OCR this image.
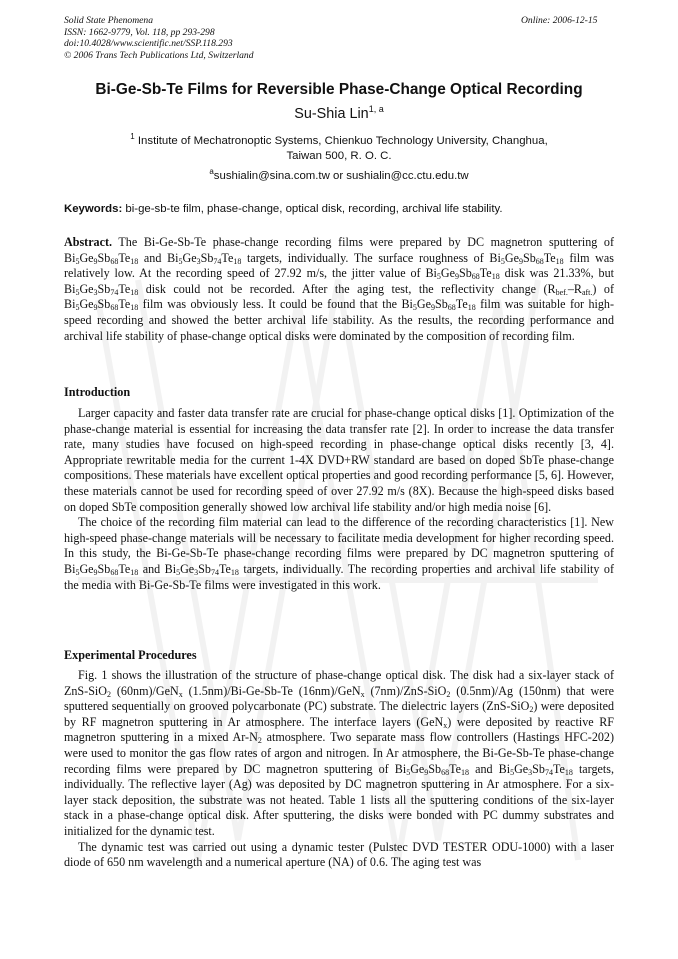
Solid State Phenomena
ISSN: 1662-9779, Vol. 118, pp 293-298
doi:10.4028/www.scientific.net/SSP.118.293
© 2006 Trans Tech Publications Ltd, Switzerland
Online: 2006-12-15
Bi-Ge-Sb-Te Films for Reversible Phase-Change Optical Recording
Su-Shia Lin$^{1, a}$
$^1$ Institute of Mechatronoptic Systems, Chienkuo Technology University, Changhua,
Taiwan 500, R. O. C.
$^a$sushialin@sina.com.tw or sushialin@cc.ctu.edu.tw
Keywords: bi-ge-sb-te film, phase-change, optical disk, recording, archival life stability.

Abstract. The Bi-Ge-Sb-Te phase-change recording films were prepared by DC magnetron sputtering of $Bi_5Ge_9Sb_{68}Te_{18}$ and $Bi_5Ge_3Sb_{74}Te_{18}$ targets, individually. The surface roughness of $Bi_5Ge_9Sb_{68}Te_{18}$ film was relatively low. At the recording speed of 27.92 m/s, the jitter value of $Bi_5Ge_9Sb_{68}Te_{18}$ disk was 21.33%, but $Bi_5Ge_3Sb_{74}Te_{18}$ disk could not be recorded. After the aging test, the reflectivity change $(R_{bef.}-R_{aft.})$ of $Bi_5Ge_9Sb_{68}Te_{18}$ film was obviously less. It could be found that the $Bi_5Ge_9Sb_{68}Te_{18}$ film was suitable for high-speed recording and showed the better archival life stability. As the results, the recording performance and archival life stability of phase-change optical disks were dominated by the composition of recording film.

Introduction

Larger capacity and faster data transfer rate are crucial for phase-change optical disks [1]. Optimization of the phase-change material is essential for increasing the data transfer rate [2]. In order to increase the data transfer rate, many studies have focused on high-speed recording in phase-change optical disks recently [3, 4]. Appropriate rewritable media for the current 1-4X DVD+RW standard are based on doped SbTe phase-change compositions. These materials have excellent optical properties and good recording performance [5, 6]. However, these materials cannot be used for recording speed of over 27.92 m/s (8X). Because the high-speed disks based on doped SbTe composition generally showed low archival life stability and/or high media noise [6].

The choice of the recording film material can lead to the difference of the recording characteristics [1]. New high-speed phase-change materials will be necessary to facilitate media development for higher recording speed. In this study, the Bi-Ge-Sb-Te phase-change recording films were prepared by DC magnetron sputtering of $Bi_5Ge_9Sb_{68}Te_{18}$ and $Bi_5Ge_3Sb_{74}Te_{18}$ targets, individually. The recording properties and archival life stability of the media with Bi-Ge-Sb-Te films were investigated in this work.

Experimental Procedures

Fig. 1 shows the illustration of the structure of phase-change optical disk. The disk had a six-layer stack of ZnS-SiO$_2$ (60nm)/GeN$_x$ (1.5nm)/Bi-Ge-Sb-Te (16nm)/GeN$_x$ (7nm)/ZnS-SiO$_2$ (0.5nm)/Ag (150nm) that were sputtered sequentially on grooved polycarbonate (PC) substrate. The dielectric layers (ZnS-SiO$_2$) were deposited by RF magnetron sputtering in Ar atmosphere. The interface layers (GeN$_x$) were deposited by reactive RF magnetron sputtering in a mixed $Ar-N_2$ atmosphere. Two separate mass flow controllers (Hastings HFC-202) were used to monitor the gas flow rates of argon and nitrogen. In Ar atmosphere, the Bi-Ge-Sb-Te phase-change recording films were prepared by DC magnetron sputtering of $Bi_5Ge_9Sb_{68}Te_{18}$ and $Bi_5Ge_3Sb_{74}Te_{18}$ targets, individually. The reflective layer (Ag) was deposited by DC magnetron sputtering in Ar atmosphere. For a six-layer stack deposition, the substrate was not heated. Table 1 lists all the sputtering conditions of the six-layer stack in a phase-change optical disk. After sputtering, the disks were bonded with PC dummy substrates and initialized for the dynamic test.

The dynamic test was carried out using a dynamic tester (Pulstec DVD TESTER ODU-1000) with a laser diode of 650 nm wavelength and a numerical aperture (NA) of 0.6. The aging test was
